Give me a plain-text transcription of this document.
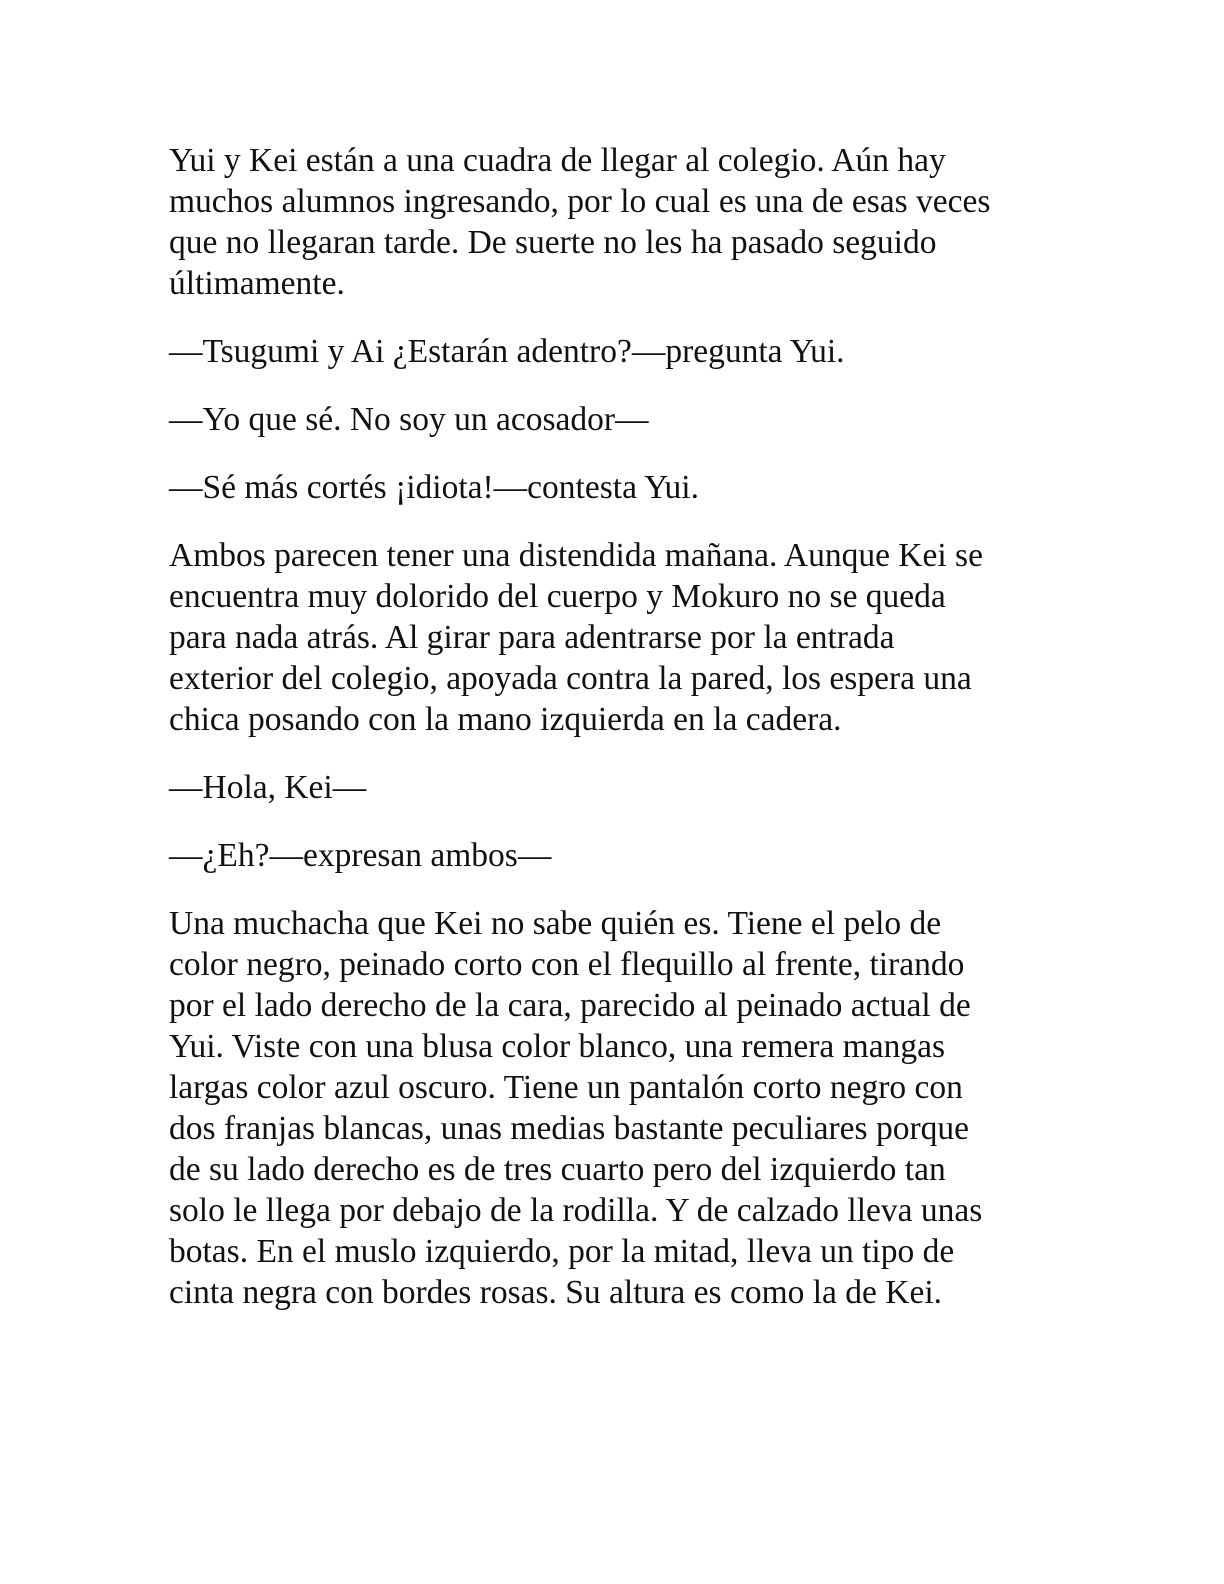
Yui y Kei están a una cuadra de llegar al colegio. Aún hay
muchos alumnos ingresando, por lo cual es una de esas veces
que no llegaran tarde. De suerte no les ha pasado seguido
últimamente.

—Tsugumi y Ai ¿Estarán adentro?—pregunta Yui.

—Yo que sé. No soy un acosador—

—Sé más cortés ¡idiota!—contesta Yui.

Ambos parecen tener una distendida mañana. Aunque Kei se
encuentra muy dolorido del cuerpo y Mokuro no se queda
para nada atrás. Al girar para adentrarse por la entrada
exterior del colegio, apoyada contra la pared, los espera una
chica posando con la mano izquierda en la cadera.

—Hola, Kei—

—¿Eh?—expresan ambos—

Una muchacha que Kei no sabe quién es. Tiene el pelo de
color negro, peinado corto con el flequillo al frente, tirando
por el lado derecho de la cara, parecido al peinado actual de
Yui. Viste con una blusa color blanco, una remera mangas
largas color azul oscuro. Tiene un pantalón corto negro con
dos franjas blancas, unas medias bastante peculiares porque
de su lado derecho es de tres cuarto pero del izquierdo tan
solo le llega por debajo de la rodilla. Y de calzado lleva unas
botas. En el muslo izquierdo, por la mitad, lleva un tipo de
cinta negra con bordes rosas. Su altura es como la de Kei.
